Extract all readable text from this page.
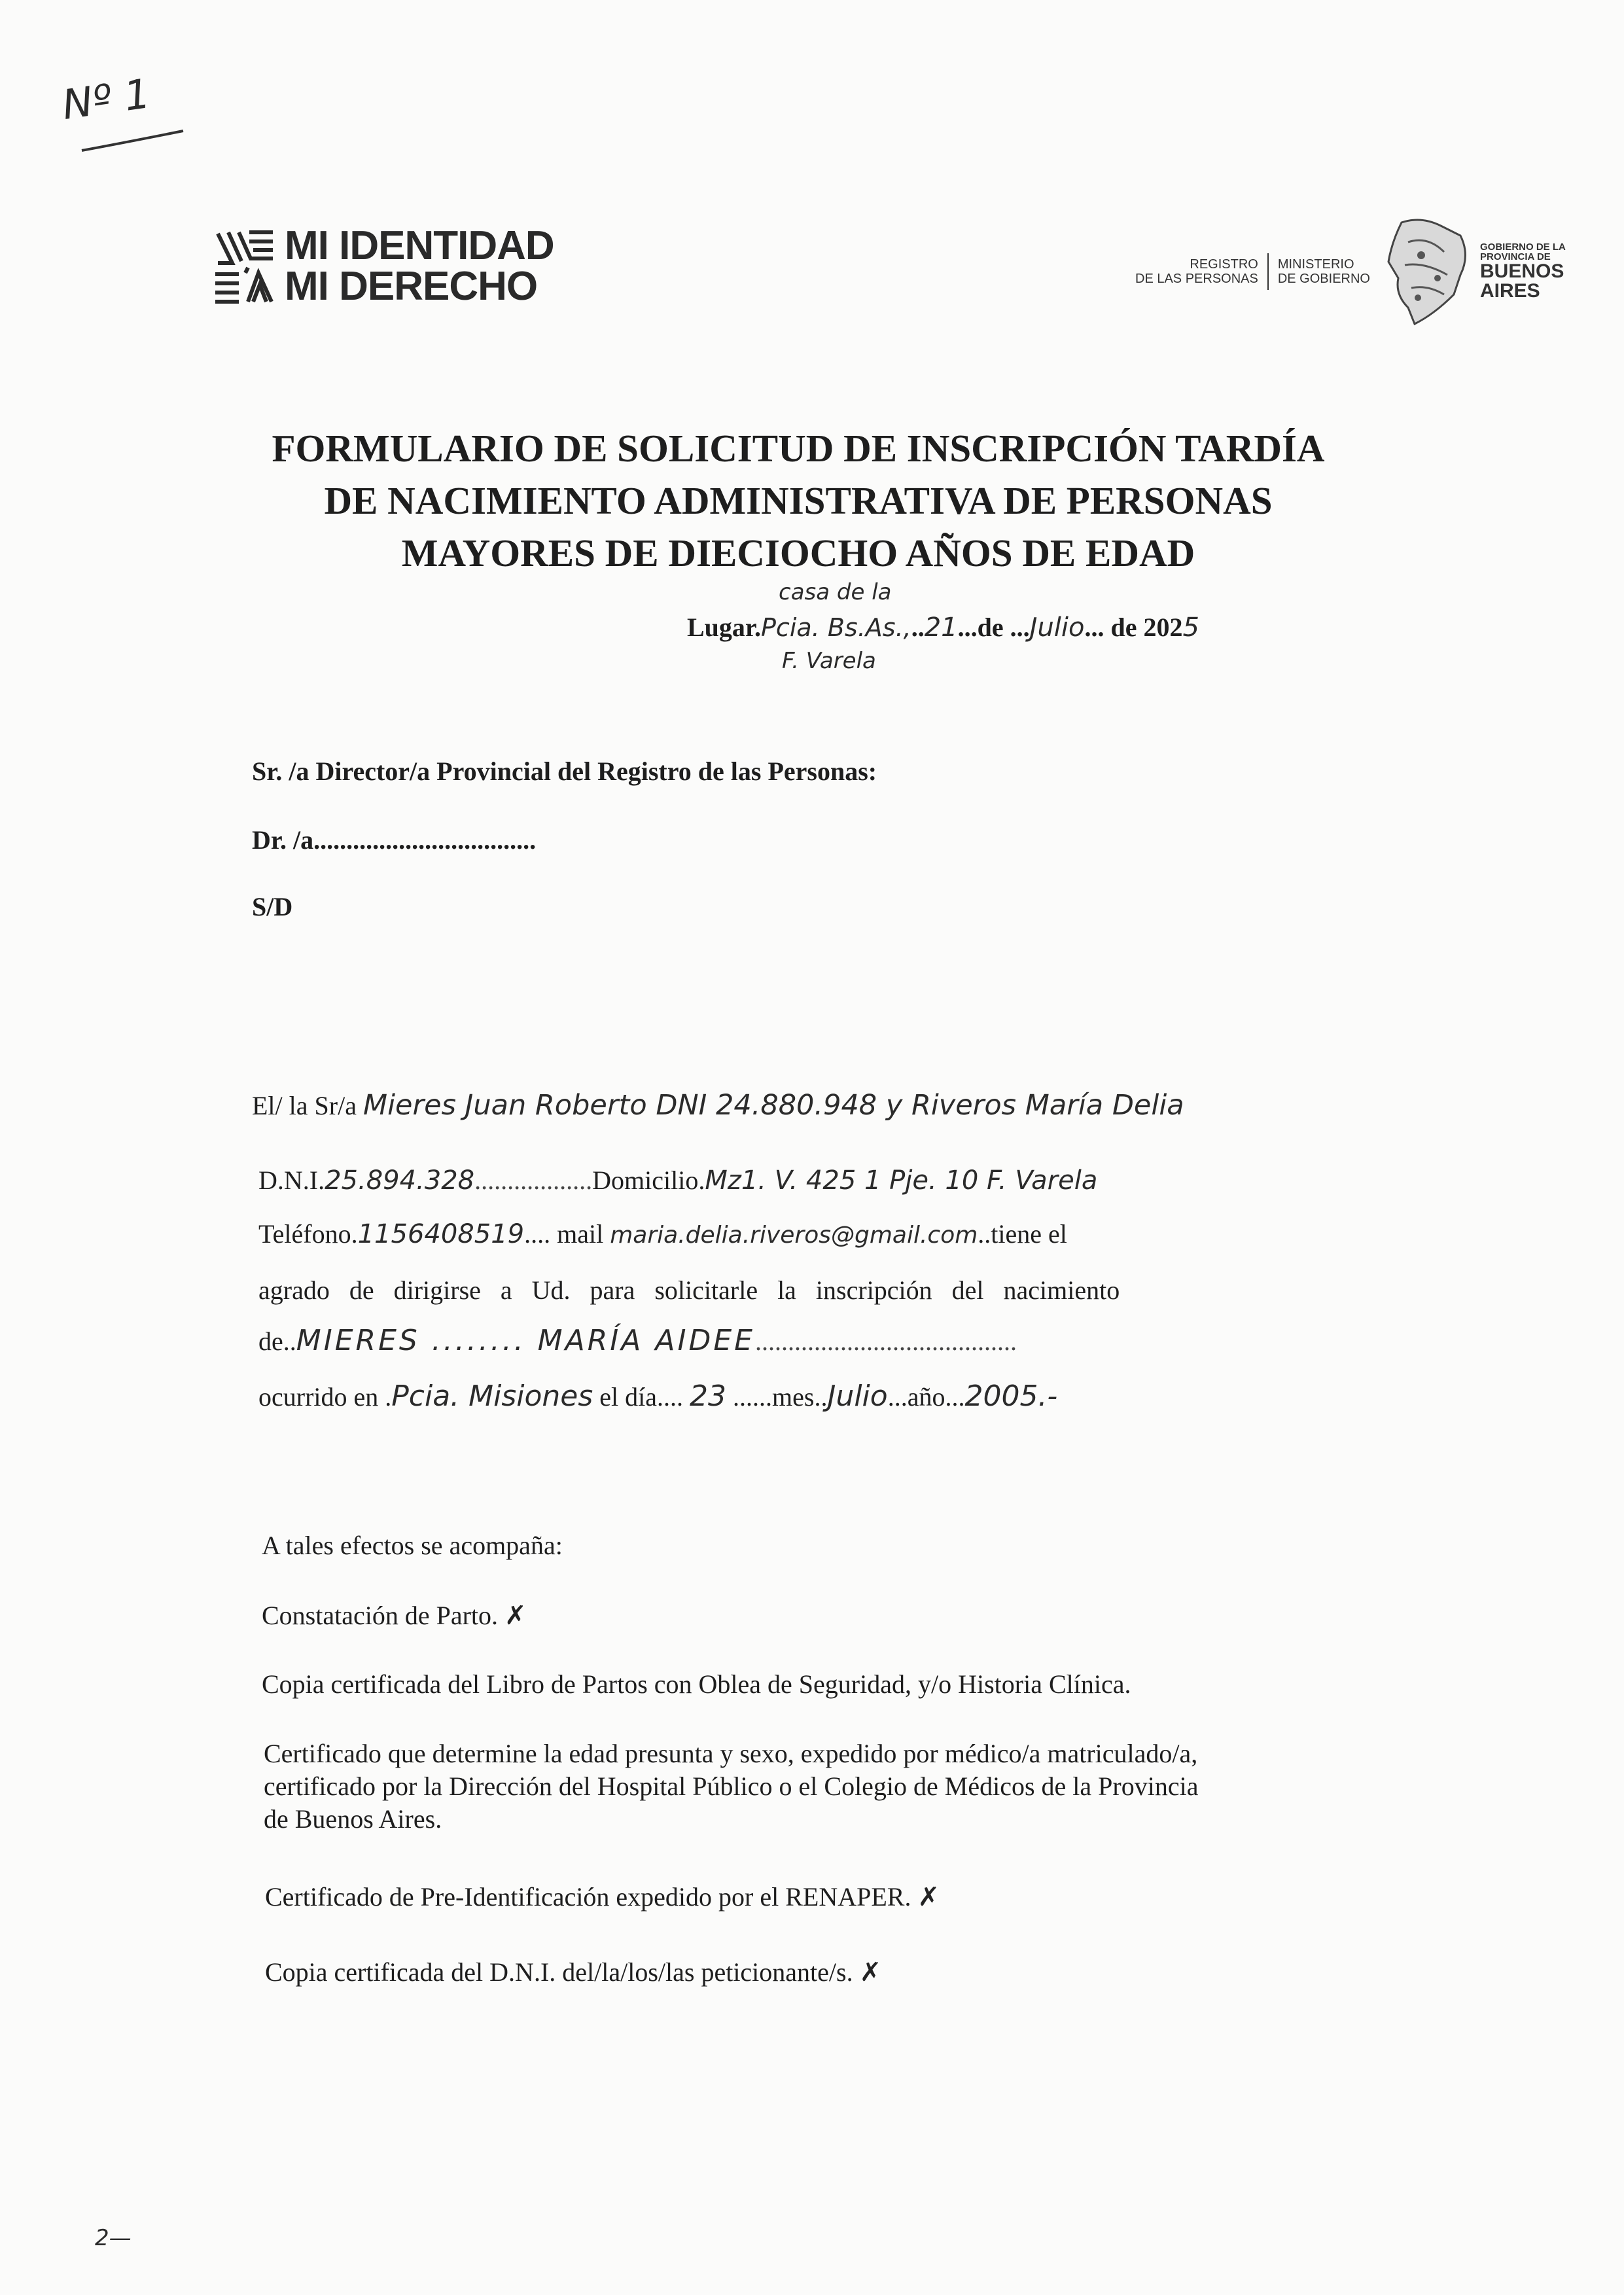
Nº 1
MI IDENTIDAD
MI DERECHO	REGISTRO
DE LAS PERSONAS
MINISTERIO
DE GOBIERNO
GOBIERNO DE LA
PROVINCIA DE
BUENOS
AIRES
FORMULARIO DE SOLICITUD DE INSCRIPCIÓN TARDÍA
DE NACIMIENTO ADMINISTRATIVA DE PERSONAS
MAYORES DE DIECIOCHO AÑOS DE EDAD
casa de la
Lugar.Pcia. Bs.As.,..21...de ...Julio... de 2025
F. Varela
Sr. /a Director/a Provincial del Registro de las Personas:
Dr. /a..................................
S/D
El/ la Sr/a Mieres Juan Roberto DNI 24.880.948 y Riveros María Delia
D.N.I.25.894.328..................Domicilio.Mz1. V. 425 1 Pje. 10 F. Varela
Teléfono.1156408519.... mail maria.delia.riveros@gmail.com..tiene el
agrado   de   dirigirse   a   Ud.   para   solicitarle   la   inscripción   del   nacimiento
de..MIERES ........ MARÍA AIDEE........................................
ocurrido en .Pcia. Misiones el día.... 23 ......mes..Julio...año...2005.-
A tales efectos se acompaña:
Constatación de Parto. ✗
Copia certificada del Libro de Partos con Oblea de Seguridad, y/o Historia Clínica.
Certificado que determine la edad presunta y sexo, expedido por médico/a matriculado/a,
certificado por la Dirección del Hospital Público o el Colegio de Médicos de la Provincia
de Buenos Aires.
Certificado de Pre-Identificación expedido por el RENAPER. ✗
Copia certificada del D.N.I. del/la/los/las peticionante/s. ✗
2—
